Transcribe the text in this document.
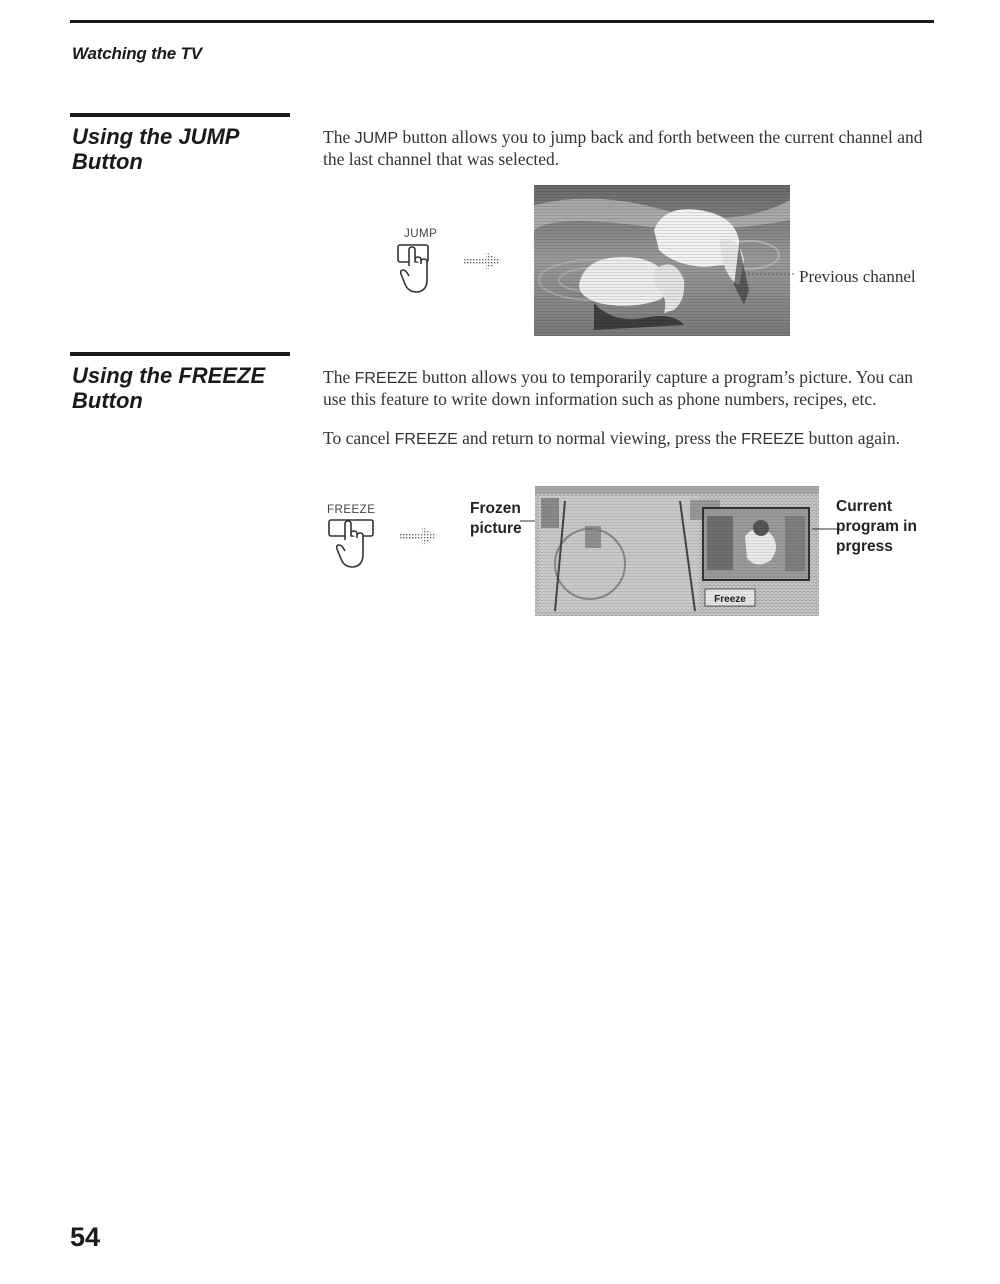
Watching the TV
Using the JUMP
Button
The JUMP button allows you to jump back and forth between the current channel and the last channel that was selected.
JUMP
Previous channel
Using the FREEZE
Button
The FREEZE button allows you to temporarily capture a program’s picture. You can use this feature to write down information such as phone numbers, recipes, etc.
To cancel FREEZE and return to normal viewing, press the FREEZE button again.
FREEZE	Frozen
picture
Current
program in
prgress
54
